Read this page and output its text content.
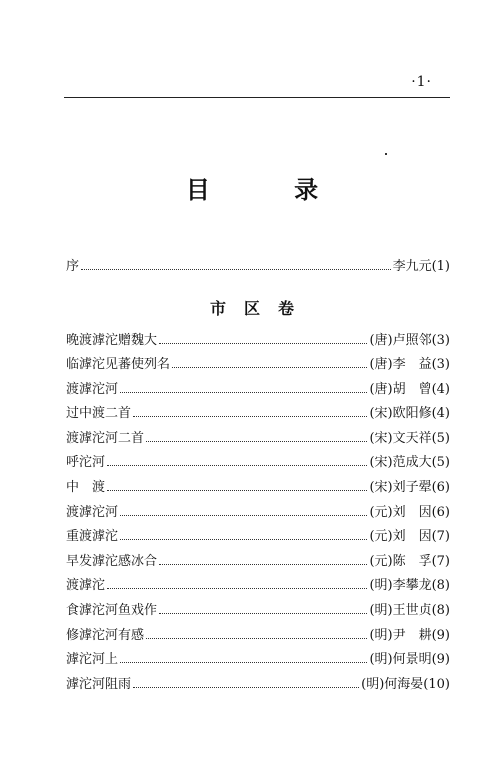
·1·
目 录
序	李九元(1)
市区卷
晚渡滹沱赠魏大	(唐)卢照邻(3)
临滹沱见蕃使列名	(唐)李　益(3)
渡滹沱河	(唐)胡　曾(4)
过中渡二首	(宋)欧阳修(4)
渡滹沱河二首	(宋)文天祥(5)
呼沱河	(宋)范成大(5)
中　渡	(宋)刘子翚(6)
渡滹沱河	(元)刘　因(6)
重渡滹沱	(元)刘　因(7)
早发滹沱感冰合	(元)陈　孚(7)
渡滹沱	(明)李攀龙(8)
食滹沱河鱼戏作	(明)王世贞(8)
修滹沱河有感	(明)尹　耕(9)
滹沱河上	(明)何景明(9)
滹沱河阻雨	(明)何海晏(10)
